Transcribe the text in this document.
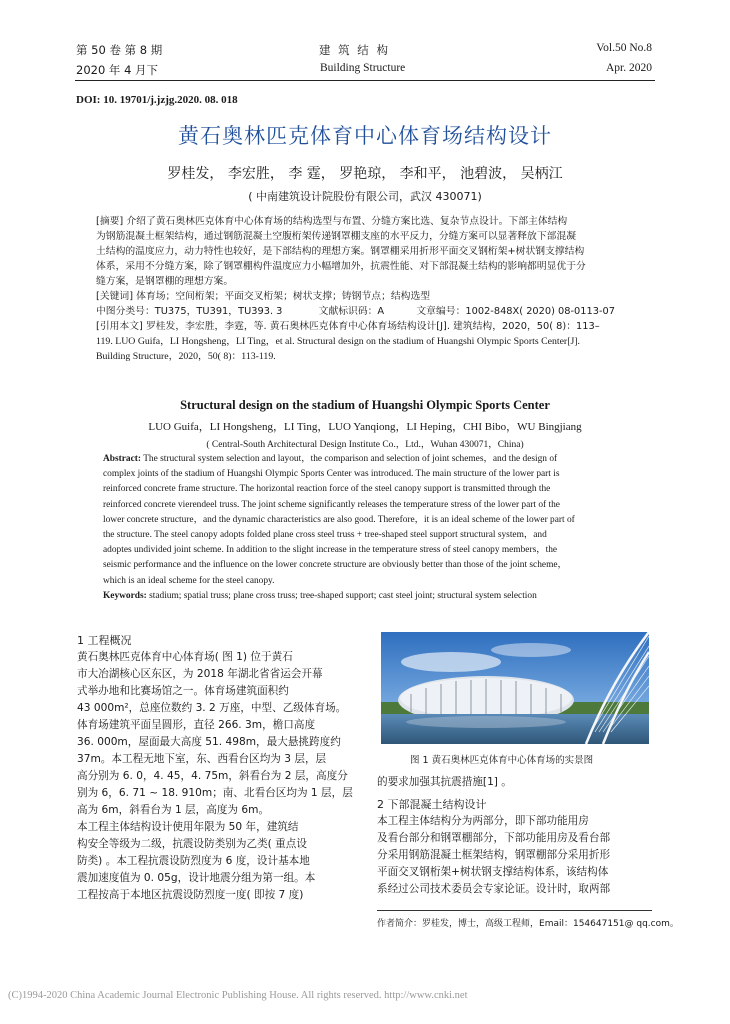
第 50 卷 第 8 期
2020 年 4 月下
建 筑 结 构
Building Structure
Vol.50 No.8
Apr. 2020
DOI: 10. 19701/j.jzjg.2020. 08. 018
黄石奥林匹克体育中心体育场结构设计
罗桂发， 李宏胜， 李 霆， 罗艳琼， 李和平， 池碧波， 吴柄江
( 中南建筑设计院股份有限公司，武汉 430071)
[摘要] 介绍了黄石奥林匹克体育中心体育场的结构选型与布置、分缝方案比选、复杂节点设计。下部主体结构
为钢筋混凝土框架结构，通过钢筋混凝土空腹桁架传递钢罩棚支座的水平反力，分缝方案可以显著释放下部混凝
土结构的温度应力，动力特性也较好，是下部结构的理想方案。钢罩棚采用折形平面交叉钢桁架+树状钢支撑结构
体系，采用不分缝方案，除了钢罩棚构件温度应力小幅增加外，抗震性能、对下部混凝土结构的影响都明显优于分
缝方案，是钢罩棚的理想方案。
[关键词] 体育场；空间桁架；平面交叉桁架；树状支撑；铸钢节点；结构选型
中图分类号：TU375，TU391，TU393. 3	文献标识码：A	文章编号：1002-848X( 2020) 08-0113-07
[引用本文] 罗桂发，李宏胜，李霆，等. 黄石奥林匹克体育中心体育场结构设计[J]. 建筑结构，2020，50( 8)：113–
119. LUO Guifa，LI Hongsheng，LI Ting，et al. Structural design on the stadium of Huangshi Olympic Sports Center[J].
Building Structure，2020，50( 8)：113-119.
Structural design on the stadium of Huangshi Olympic Sports Center
LUO Guifa，LI Hongsheng，LI Ting，LUO Yanqiong，LI Heping，CHI Bibo，WU Bingjiang
( Central-South Architectural Design Institute Co.，Ltd.，Wuhan 430071，China)
Abstract: The structural system selection and layout，the comparison and selection of joint schemes，and the design of
complex joints of the stadium of Huangshi Olympic Sports Center was introduced. The main structure of the lower part is
reinforced concrete frame structure. The horizontal reaction force of the steel canopy support is transmitted through the
reinforced concrete vierendeel truss. The joint scheme significantly releases the temperature stress of the lower part of the
lower concrete structure，and the dynamic characteristics are also good. Therefore，it is an ideal scheme of the lower part of
the structure. The steel canopy adopts folded plane cross steel truss + tree-shaped steel support structural system，and
adoptes undivided joint scheme. In addition to the slight increase in the temperature stress of steel canopy members，the
seismic performance and the influence on the lower concrete structure are obviously better than those of the joint scheme，
which is an ideal scheme for the steel canopy.
Keywords: stadium; spatial truss; plane cross truss; tree-shaped support; cast steel joint; structural system selection
1 工程概况
黄石奥林匹克体育中心体育场( 图 1) 位于黄石
市大冶湖核心区东区，为 2018 年湖北省省运会开幕
式举办地和比赛场馆之一。体育场建筑面积约
43 000m²，总座位数约 3. 2 万座，中型、乙级体育场。
体育场建筑平面呈圆形，直径 266. 3m，檐口高度
36. 000m，屋面最大高度 51. 498m，最大悬挑跨度约
37m。本工程无地下室，东、西看台区均为 3 层，层
高分别为 6. 0，4. 45，4. 75m，斜看台为 2 层，高度分
别为 6，6. 71 ~ 18. 910m；南、北看台区均为 1 层，层
高为 6m，斜看台为 1 层，高度为 6m。
本工程主体结构设计使用年限为 50 年，建筑结
构安全等级为二级，抗震设防类别为乙类( 重点设
防类) 。本工程抗震设防烈度为 6 度，设计基本地
震加速度值为 0. 05g，设计地震分组为第一组。本
工程按高于本地区抗震设防烈度一度( 即按 7 度)
图 1 黄石奥林匹克体育中心体育场的实景图
的要求加强其抗震措施[1] 。
2 下部混凝土结构设计
本工程主体结构分为两部分，即下部功能用房
及看台部分和钢罩棚部分，下部功能用房及看台部
分采用钢筋混凝土框架结构，钢罩棚部分采用折形
平面交叉钢桁架+树状钢支撑结构体系，该结构体
系经过公司技术委员会专家论证。设计时，取两部
作者简介：罗桂发，博士，高级工程师，Email：154647151@ qq.com。
(C)1994-2020 China Academic Journal Electronic Publishing House. All rights reserved. http://www.cnki.net
